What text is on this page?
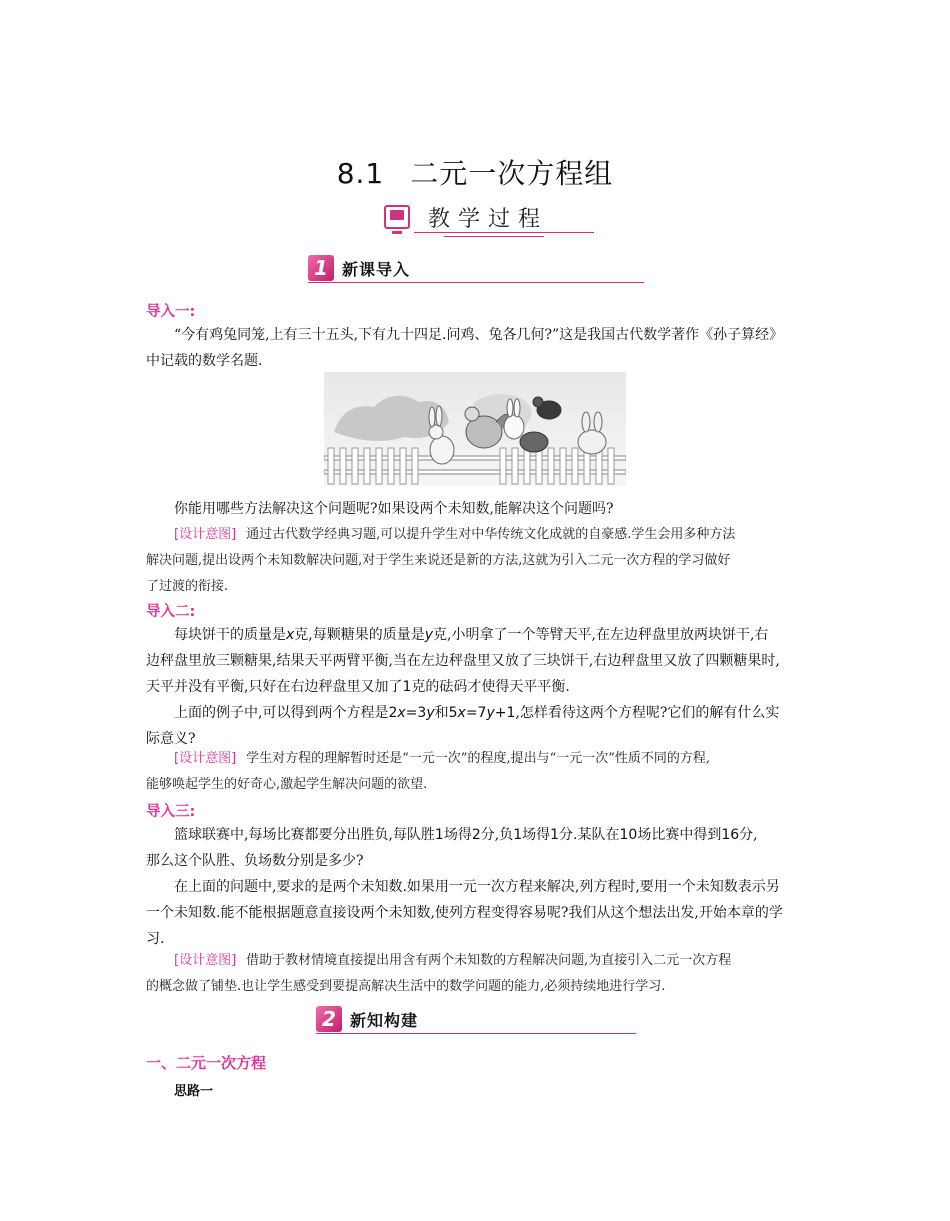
8.1 二元一次方程组
教学过程
1 新课导入
导入一:
“今有鸡兔同笼,上有三十五头,下有九十四足.问鸡、兔各几何?”这是我国古代数学著作《孙子算经》
中记载的数学名题.
你能用哪些方法解决这个问题呢?如果设两个未知数,能解决这个问题吗?
[设计意图] 通过古代数学经典习题,可以提升学生对中华传统文化成就的自豪感.学生会用多种方法
解决问题,提出设两个未知数解决问题,对于学生来说还是新的方法,这就为引入二元一次方程的学习做好
了过渡的衔接.
导入二:
每块饼干的质量是x克,每颗糖果的质量是y克,小明拿了一个等臂天平,在左边秤盘里放两块饼干,右
边秤盘里放三颗糖果,结果天平两臂平衡,当在左边秤盘里又放了三块饼干,右边秤盘里又放了四颗糖果时,
天平并没有平衡,只好在右边秤盘里又加了1克的砝码才使得天平平衡.
上面的例子中,可以得到两个方程是2x=3y和5x=7y+1,怎样看待这两个方程呢?它们的解有什么实
际意义?
[设计意图] 学生对方程的理解暂时还是“一元一次”的程度,提出与“一元一次”性质不同的方程,
能够唤起学生的好奇心,激起学生解决问题的欲望.
导入三:
篮球联赛中,每场比赛都要分出胜负,每队胜1场得2分,负1场得1分.某队在10场比赛中得到16分,
那么这个队胜、负场数分别是多少?
在上面的问题中,要求的是两个未知数.如果用一元一次方程来解决,列方程时,要用一个未知数表示另
一个未知数.能不能根据题意直接设两个未知数,使列方程变得容易呢?我们从这个想法出发,开始本章的学
习.
[设计意图] 借助于教材情境直接提出用含有两个未知数的方程解决问题,为直接引入二元一次方程
的概念做了铺垫.也让学生感受到要提高解决生活中的数学问题的能力,必须持续地进行学习.
2 新知构建
一、二元一次方程
思路一
